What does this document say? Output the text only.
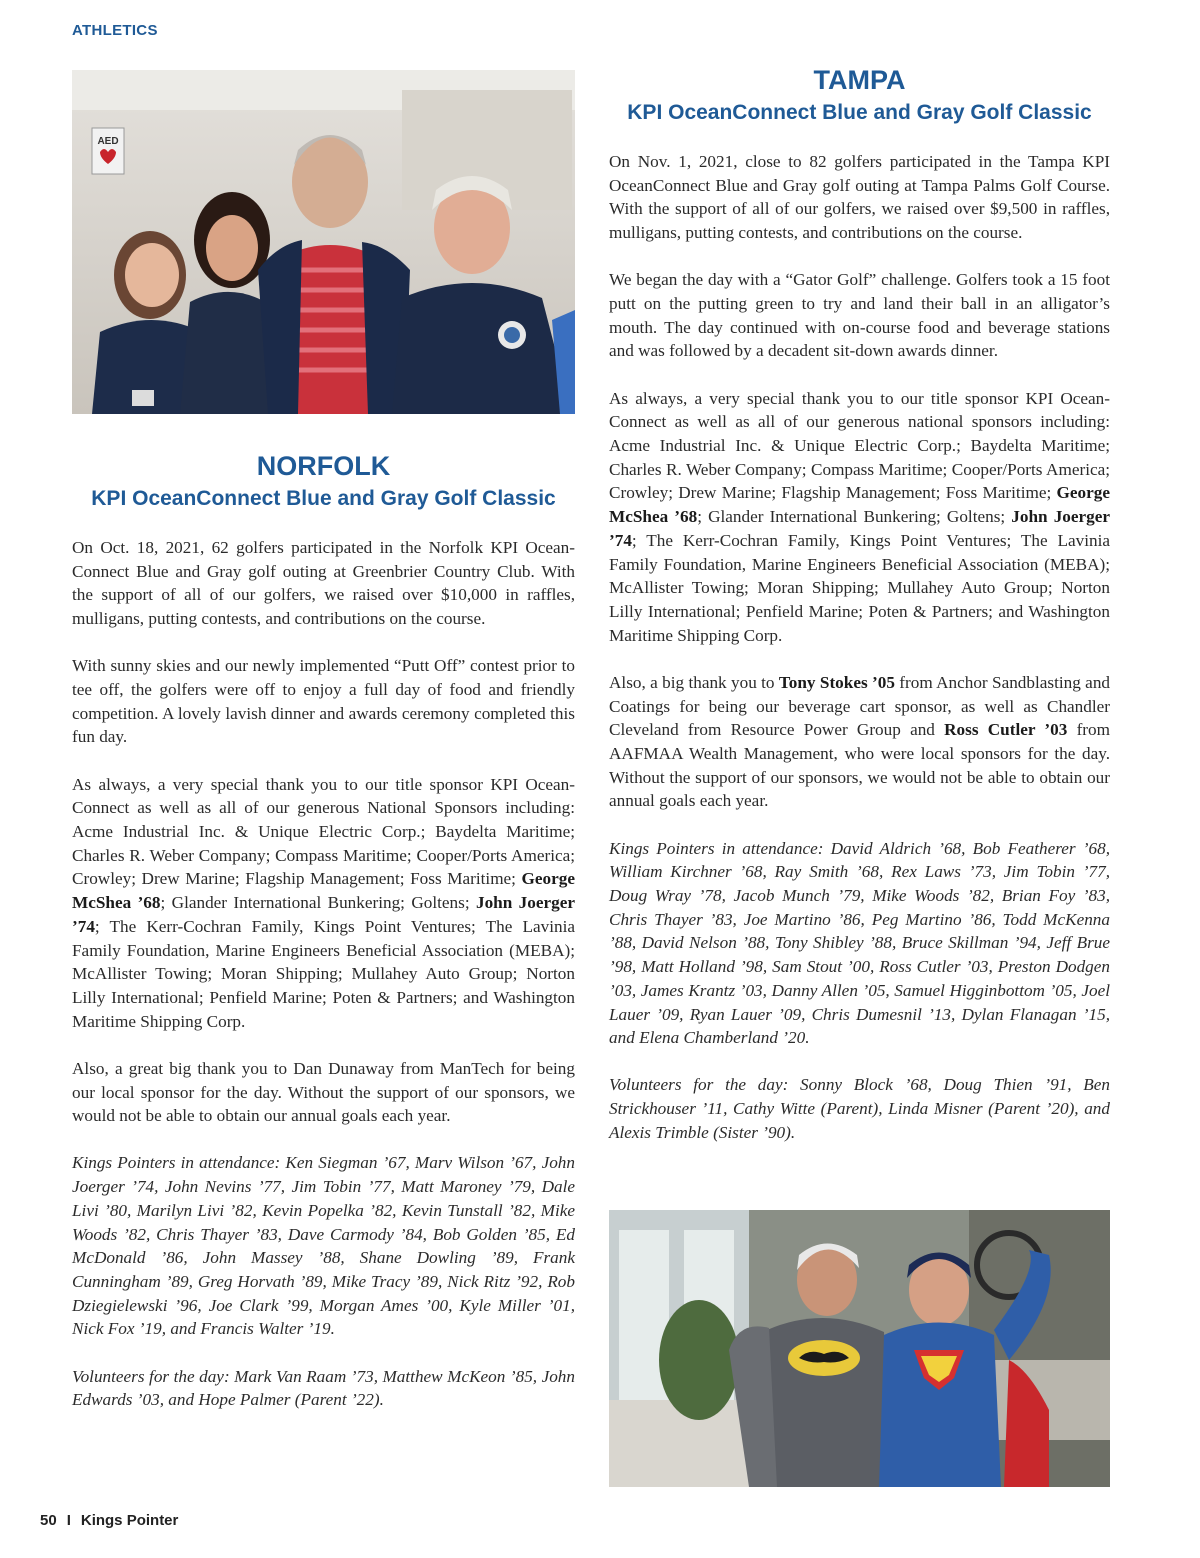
ATHLETICS
AED
NORFOLK
KPI OceanConnect Blue and Gray Golf Classic

On Oct. 18, 2021, 62 golfers participated in the Norfolk KPI Ocean-Connect Blue and Gray golf outing at Greenbrier Country Club. With the support of all of our golfers, we raised over $10,000 in raffles, mulligans, putting contests, and contributions on the course.

With sunny skies and our newly implemented “Putt Off” contest prior to tee off, the golfers were off to enjoy a full day of food and friendly competition. A lovely lavish dinner and awards ceremony completed this fun day.

As always, a very special thank you to our title sponsor KPI Ocean-Connect as well as all of our generous National Sponsors including: Acme Industrial Inc. & Unique Electric Corp.; Baydelta Maritime; Charles R. Weber Company; Compass Maritime; Cooper/Ports America; Crowley; Drew Marine; Flagship Management; Foss Maritime; George McShea ’68; Glander International Bunkering; Goltens; John Joerger ’74; The Kerr-Cochran Family, Kings Point Ventures; The Lavinia Family Foundation, Marine Engineers Beneficial Association (MEBA); McAllister Towing; Moran Shipping; Mullahey Auto Group; Norton Lilly International; Penfield Marine; Poten & Partners; and Washington Maritime Shipping Corp.

Also, a great big thank you to Dan Dunaway from ManTech for being our local sponsor for the day. Without the support of our sponsors, we would not be able to obtain our annual goals each year.

Kings Pointers in attendance: Ken Siegman ’67, Marv Wilson ’67, John Joerger ’74, John Nevins ’77, Jim Tobin ’77, Matt Maroney ’79, Dale Livi ’80, Marilyn Livi ’82, Kevin Popelka ’82, Kevin Tunstall ’82, Mike Woods ’82, Chris Thayer ’83, Dave Carmody ’84, Bob Golden ’85, Ed McDonald ’86, John Massey ’88, Shane Dowling ’89, Frank Cunningham ’89, Greg Horvath ’89, Mike Tracy ’89, Nick Ritz ’92, Rob Dziegielewski ’96, Joe Clark ’99, Morgan Ames ’00, Kyle Miller ’01, Nick Fox ’19, and Francis Walter ’19.

Volunteers for the day: Mark Van Raam ’73, Matthew McKeon ’85, John Edwards ’03, and Hope Palmer (Parent ’22).

TAMPA
KPI OceanConnect Blue and Gray Golf Classic

On Nov. 1, 2021, close to 82 golfers participated in the Tampa KPI OceanConnect Blue and Gray golf outing at Tampa Palms Golf Course. With the support of all of our golfers, we raised over $9,500 in raffles, mulligans, putting contests, and contributions on the course.

We began the day with a “Gator Golf” challenge. Golfers took a 15 foot putt on the putting green to try and land their ball in an alligator’s mouth. The day continued with on-course food and beverage stations and was followed by a decadent sit-down awards dinner.

As always, a very special thank you to our title sponsor KPI Ocean-Connect as well as all of our generous national sponsors including: Acme Industrial Inc. & Unique Electric Corp.; Baydelta Maritime; Charles R. Weber Company; Compass Maritime; Cooper/Ports America; Crowley; Drew Marine; Flagship Management; Foss Maritime; George McShea ’68; Glander International Bunkering; Goltens; John Joerger ’74; The Kerr-Cochran Family, Kings Point Ventures; The Lavinia Family Foundation, Marine Engineers Beneficial Association (MEBA); McAllister Towing; Moran Shipping; Mullahey Auto Group; Norton Lilly International; Penfield Marine; Poten & Partners; and Washington Maritime Shipping Corp.

Also, a big thank you to Tony Stokes ’05 from Anchor Sandblasting and Coatings for being our beverage cart sponsor, as well as Chandler Cleveland from Resource Power Group and Ross Cutler ’03 from AAFMAA Wealth Management, who were local sponsors for the day. Without the support of our sponsors, we would not be able to obtain our annual goals each year.

Kings Pointers in attendance: David Aldrich ’68, Bob Featherer ’68, William Kirchner ’68, Ray Smith ’68, Rex Laws ’73, Jim Tobin ’77, Doug Wray ’78, Jacob Munch ’79, Mike Woods ’82, Brian Foy ’83, Chris Thayer ’83, Joe Martino ’86, Peg Martino ’86, Todd McKenna ’88, David Nelson ’88, Tony Shibley ’88, Bruce Skillman ’94, Jeff Brue ’98, Matt Holland ’98, Sam Stout ’00, Ross Cutler ’03, Preston Dodgen ’03, James Krantz ’03, Danny Allen ’05, Samuel Higginbottom ’05, Joel Lauer ’09, Ryan Lauer ’09, Chris Dumesnil ’13, Dylan Flanagan ’15, and Elena Chamberland ’20.

Volunteers for the day: Sonny Block ’68, Doug Thien ’91, Ben Strickhouser ’11, Cathy Witte (Parent), Linda Misner (Parent ’20), and Alexis Trimble (Sister ’90).

50 I Kings Pointer
